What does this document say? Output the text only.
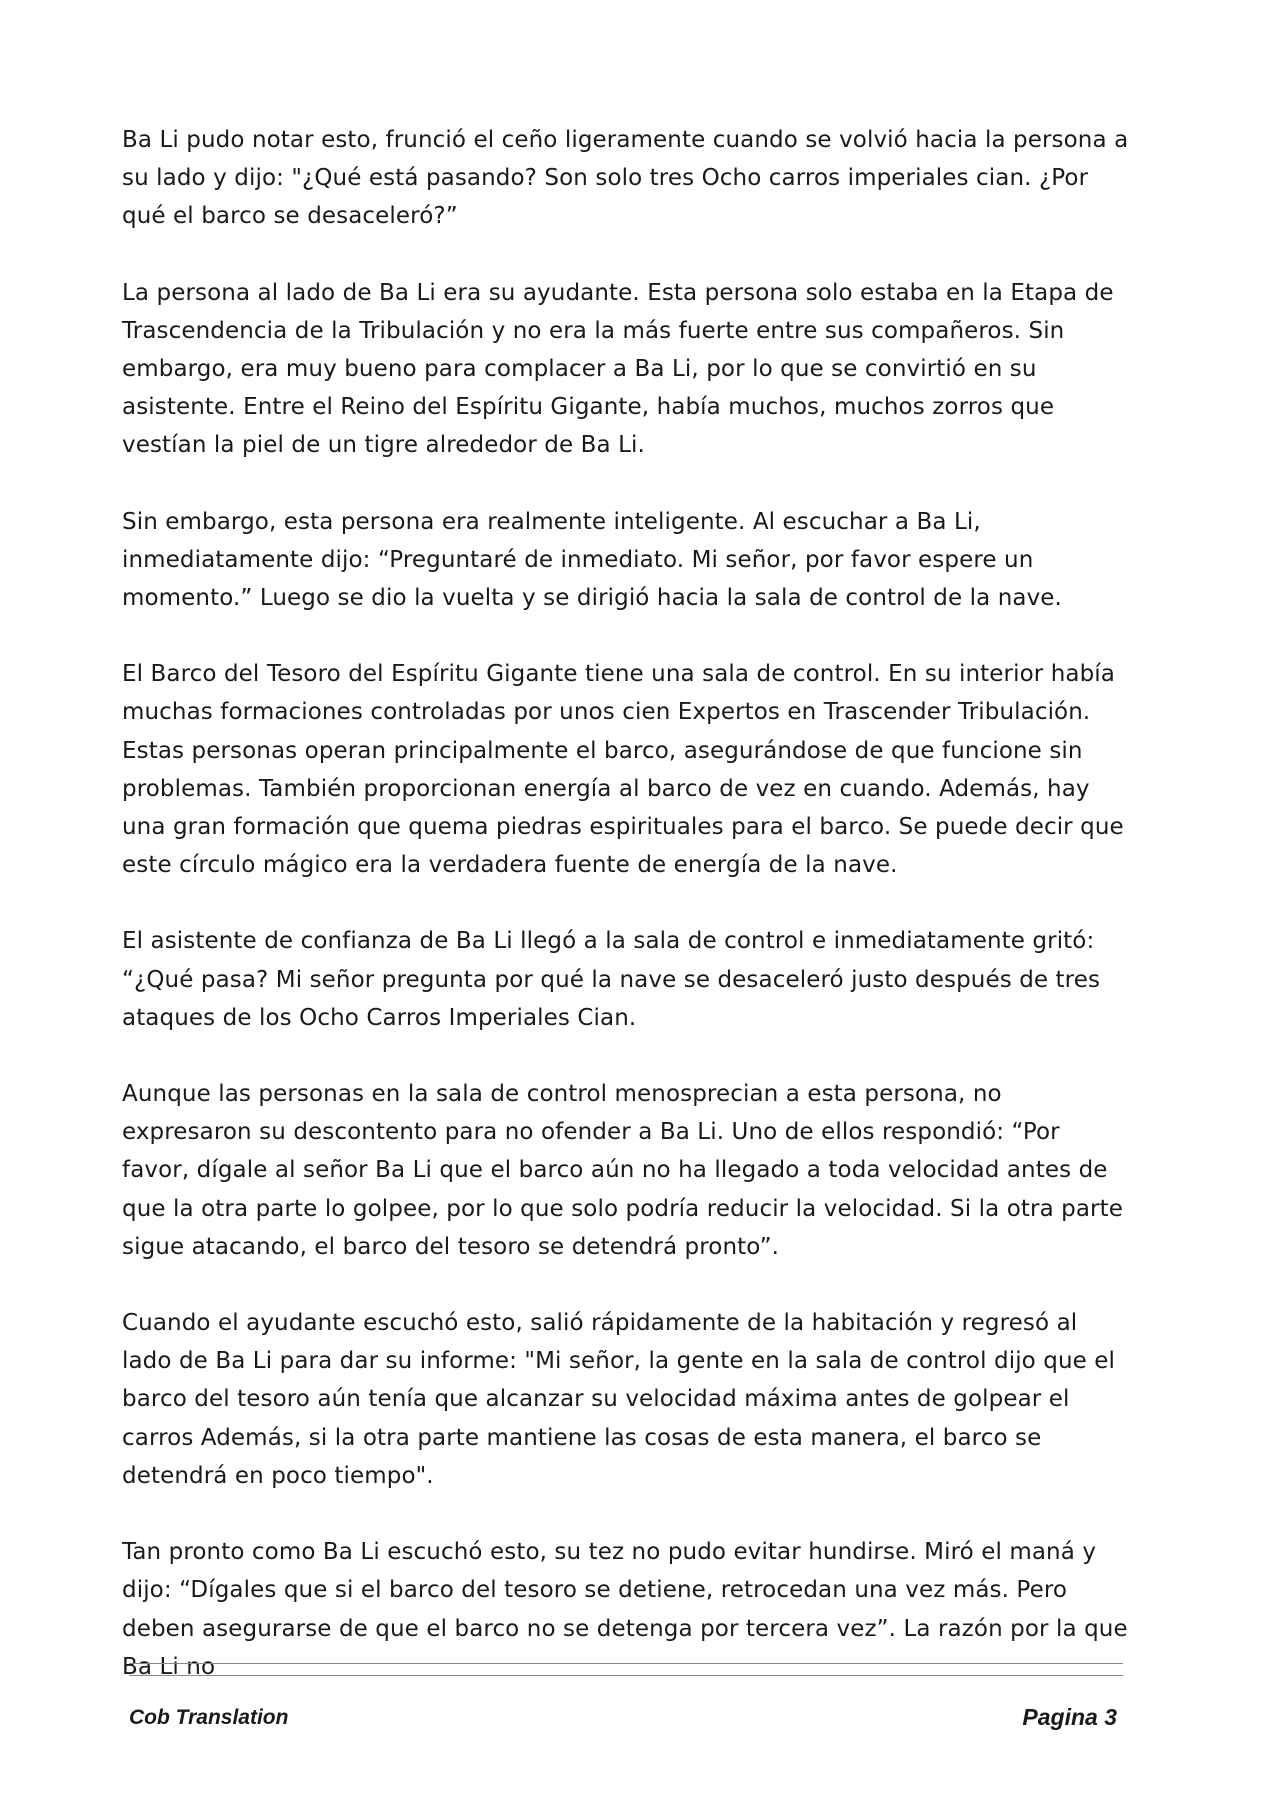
Ba Li pudo notar esto, frunció el ceño ligeramente cuando se volvió hacia la persona a su lado y dijo: "¿Qué está pasando? Son solo tres Ocho carros imperiales cian. ¿Por qué el barco se desaceleró?”

La persona al lado de Ba Li era su ayudante. Esta persona solo estaba en la Etapa de Trascendencia de la Tribulación y no era la más fuerte entre sus compañeros. Sin embargo, era muy bueno para complacer a Ba Li, por lo que se convirtió en su asistente. Entre el Reino del Espíritu Gigante, había muchos, muchos zorros que vestían la piel de un tigre alrededor de Ba Li.

Sin embargo, esta persona era realmente inteligente. Al escuchar a Ba Li, inmediatamente dijo: “Preguntaré de inmediato. Mi señor, por favor espere un momento.” Luego se dio la vuelta y se dirigió hacia la sala de control de la nave.

El Barco del Tesoro del Espíritu Gigante tiene una sala de control. En su interior había muchas formaciones controladas por unos cien Expertos en Trascender Tribulación. Estas personas operan principalmente el barco, asegurándose de que funcione sin problemas. También proporcionan energía al barco de vez en cuando. Además, hay una gran formación que quema piedras espirituales para el barco. Se puede decir que este círculo mágico era la verdadera fuente de energía de la nave.

El asistente de confianza de Ba Li llegó a la sala de control e inmediatamente gritó: “¿Qué pasa? Mi señor pregunta por qué la nave se desaceleró justo después de tres ataques de los Ocho Carros Imperiales Cian.

Aunque las personas en la sala de control menosprecian a esta persona, no expresaron su descontento para no ofender a Ba Li. Uno de ellos respondió: “Por favor, dígale al señor Ba Li que el barco aún no ha llegado a toda velocidad antes de que la otra parte lo golpee, por lo que solo podría reducir la velocidad. Si la otra parte sigue atacando, el barco del tesoro se detendrá pronto”.

Cuando el ayudante escuchó esto, salió rápidamente de la habitación y regresó al lado de Ba Li para dar su informe: "Mi señor, la gente en la sala de control dijo que el barco del tesoro aún tenía que alcanzar su velocidad máxima antes de golpear el carros Además, si la otra parte mantiene las cosas de esta manera, el barco se detendrá en poco tiempo".

Tan pronto como Ba Li escuchó esto, su tez no pudo evitar hundirse. Miró el maná y dijo: “Dígales que si el barco del tesoro se detiene, retrocedan una vez más. Pero deben asegurarse de que el barco no se detenga por tercera vez”. La razón por la que Ba Li no

Cob Translation	Pagina 3
